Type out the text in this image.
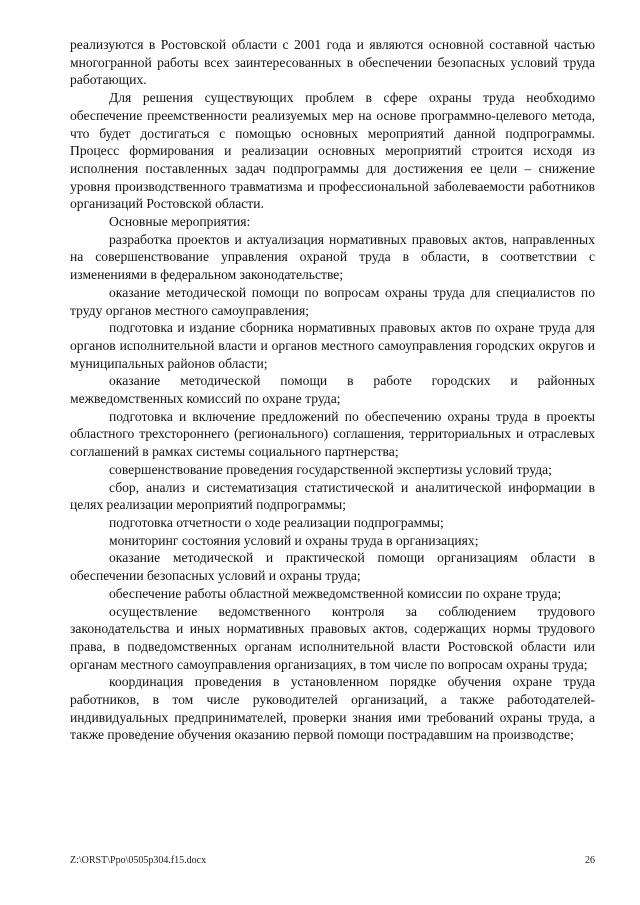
реализуются в Ростовской области с 2001 года и являются основной составной частью многогранной работы всех заинтересованных в обеспечении безопасных условий труда работающих.

Для решения существующих проблем в сфере охраны труда необходимо обеспечение преемственности реализуемых мер на основе программно-целевого метода, что будет достигаться с помощью основных мероприятий данной подпрограммы. Процесс формирования и реализации основных мероприятий строится исходя из исполнения поставленных задач подпрограммы для достижения ее цели – снижение уровня производственного травматизма и профессиональной заболеваемости работников организаций Ростовской области.

Основные мероприятия:

разработка проектов и актуализация нормативных правовых актов, направленных на совершенствование управления охраной труда в области, в соответствии с изменениями в федеральном законодательстве;

оказание методической помощи по вопросам охраны труда для специалистов по труду органов местного самоуправления;

подготовка и издание сборника нормативных правовых актов по охране труда для органов исполнительной власти и органов местного самоуправления городских округов и муниципальных районов области;

оказание методической помощи в работе городских и районных межведомственных комиссий по охране труда;

подготовка и включение предложений по обеспечению охраны труда в проекты областного трехстороннего (регионального) соглашения, территориальных и отраслевых соглашений в рамках системы социального партнерства;

совершенствование проведения государственной экспертизы условий труда;

сбор, анализ и систематизация статистической и аналитической информации в целях реализации мероприятий подпрограммы;

подготовка отчетности о ходе реализации подпрограммы;

мониторинг состояния условий и охраны труда в организациях;

оказание методической и практической помощи организациям области в обеспечении безопасных условий и охраны труда;

обеспечение работы областной межведомственной комиссии по охране труда;

осуществление ведомственного контроля за соблюдением трудового законодательства и иных нормативных правовых актов, содержащих нормы трудового права, в подведомственных органам исполнительной власти Ростовской области или органам местного самоуправления организациях, в том числе по вопросам охраны труда;

координация проведения в установленном порядке обучения охране труда работников, в том числе руководителей организаций, а также работодателей-индивидуальных предпринимателей, проверки знания ими требований охраны труда, а также проведение обучения оказанию первой помощи пострадавшим на производстве;

Z:\ORST\Ppo\0505p304.f15.docx	26
